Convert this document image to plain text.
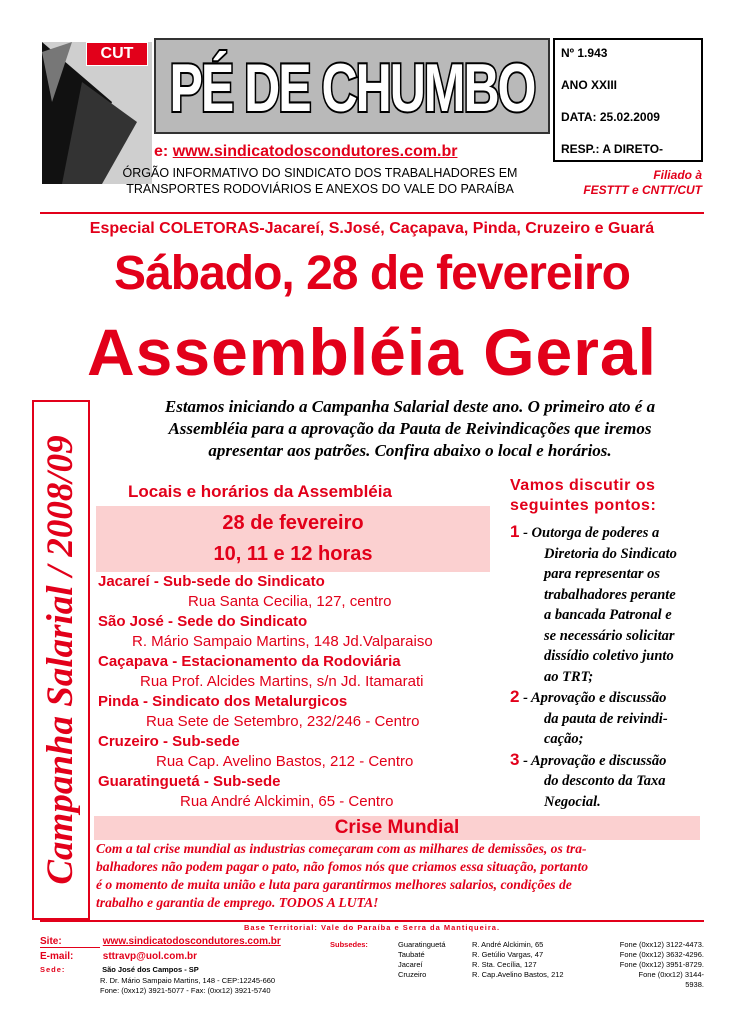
CUT PÉ DE CHUMBO	Nº 1.943
ANO XXIII
DATA: 25.02.2009
RESP.: A DIRETO-
e: www.sindicatodoscondutores.com.br
ÓRGÃO INFORMATIVO DO SINDICATO DOS TRABALHADORES EM
TRANSPORTES RODOVIÁRIOS E ANEXOS DO VALE DO PARAÍBA
Filiado à
FESTTT e CNTT/CUT
Especial COLETORAS-Jacareí, S.José, Caçapava, Pinda, Cruzeiro e Guará
Sábado, 28 de fevereiro
Assembléia Geral
Campanha Salarial / 2008/09
Estamos iniciando a Campanha Salarial deste ano. O primeiro ato é a
Assembléia para a aprovação da Pauta de Reivindicações que iremos
apresentar aos patrões. Confira abaixo o local e horários.
Locais e horários da Assembléia
28 de fevereiro
10, 11 e 12 horas
Jacareí - Sub-sede do Sindicato
Rua Santa Cecilia, 127, centro
São José - Sede do Sindicato
R. Mário Sampaio Martins, 148 Jd.Valparaiso
Caçapava - Estacionamento da Rodoviária
Rua Prof. Alcides Martins, s/n Jd. Itamarati
Pinda - Sindicato dos Metalurgicos
Rua Sete de Setembro, 232/246 - Centro
Cruzeiro - Sub-sede
Rua Cap. Avelino Bastos, 212 - Centro
Guaratinguetá - Sub-sede
Rua André Alckimin, 65 - Centro
Vamos discutir os
seguintes pontos:
1 - Outorga de poderes a
Diretoria do Sindicato
para representar os
trabalhadores perante
a bancada Patronal e
se necessário solicitar
dissídio coletivo junto
ao TRT;
2 - Aprovação e discussão
da pauta de reivindi-
cação;
3 - Aprovação e discussão
do desconto da Taxa
Negocial.
Crise Mundial
Com a tal crise mundial as industrias começaram com as milhares de demissões, os tra-
balhadores não podem pagar o pato, não fomos nós que criamos essa situação, portanto
é o momento de muita união e luta para garantirmos melhores salarios, condições de
trabalho e garantia de emprego. TODOS A LUTA!
Base Territorial: Vale do Paraíba e Serra da Mantiqueira.
Site:	www.sindicatodoscondutores.com.br
E-mail:	sttravp@uol.com.br
Sede:	São José dos Campos - SP
R. Dr. Mário Sampaio Martins, 148 - CEP:12245-660
Fone: (0xx12) 3921-5077 - Fax: (0xx12) 3921-5740
Subsedes:	Guaratinguetá	R. André Alckimin, 65	Fone (0xx12) 3122-4473.
Taubaté	R. Getúlio Vargas, 47	Fone (0xx12) 3632-4296.
Jacareí	R. Sta. Cecília, 127	Fone (0xx12) 3951-8729.
Cruzeiro	R. Cap.Avelino Bastos, 212	Fone (0xx12) 3144-
5938.
